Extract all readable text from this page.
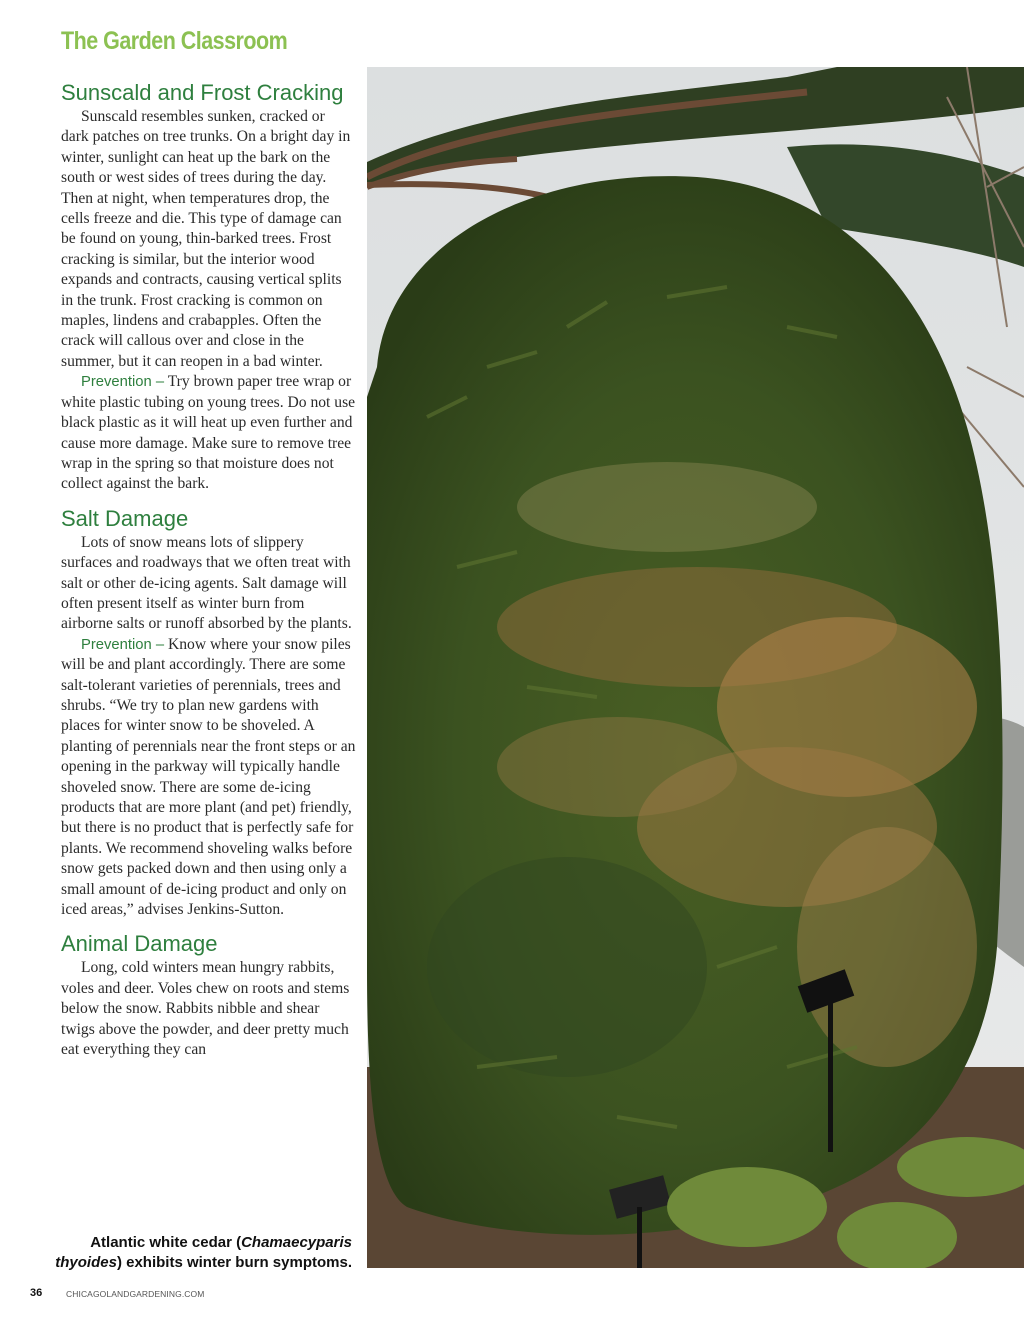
The Garden Classroom
Sunscald and Frost Cracking

Sunscald resembles sunken, cracked or dark patches on tree trunks. On a bright day in winter, sunlight can heat up the bark on the south or west sides of trees during the day. Then at night, when temperatures drop, the cells freeze and die. This type of damage can be found on young, thin-barked trees. Frost cracking is similar, but the interior wood expands and contracts, causing vertical splits in the trunk. Frost cracking is common on maples, lindens and crabapples. Often the crack will callous over and close in the summer, but it can reopen in a bad winter.

Prevention – Try brown paper tree wrap or white plastic tubing on young trees. Do not use black plastic as it will heat up even further and cause more damage. Make sure to remove tree wrap in the spring so that moisture does not collect against the bark.

Salt Damage

Lots of snow means lots of slippery surfaces and roadways that we often treat with salt or other de-icing agents. Salt damage will often present itself as winter burn from airborne salts or runoff absorbed by the plants.

Prevention – Know where your snow piles will be and plant accordingly. There are some salt-tolerant varieties of perennials, trees and shrubs. “We try to plan new gardens with places for winter snow to be shoveled. A planting of perennials near the front steps or an opening in the parkway will typically handle shoveled snow. There are some de-icing products that are more plant (and pet) friendly, but there is no product that is perfectly safe for plants. We recommend shoveling walks before snow gets packed down and then using only a small amount of de-icing product and only on iced areas,” advises Jenkins-Sutton.

Animal Damage

Long, cold winters mean hungry rabbits, voles and deer. Voles chew on roots and stems below the snow. Rabbits nibble and shear twigs above the powder, and deer pretty much eat everything they can

Atlantic white cedar (Chamaecyparis thyoides) exhibits winter burn symptoms.
36	CHICAGOLANDGARDENING.COM
